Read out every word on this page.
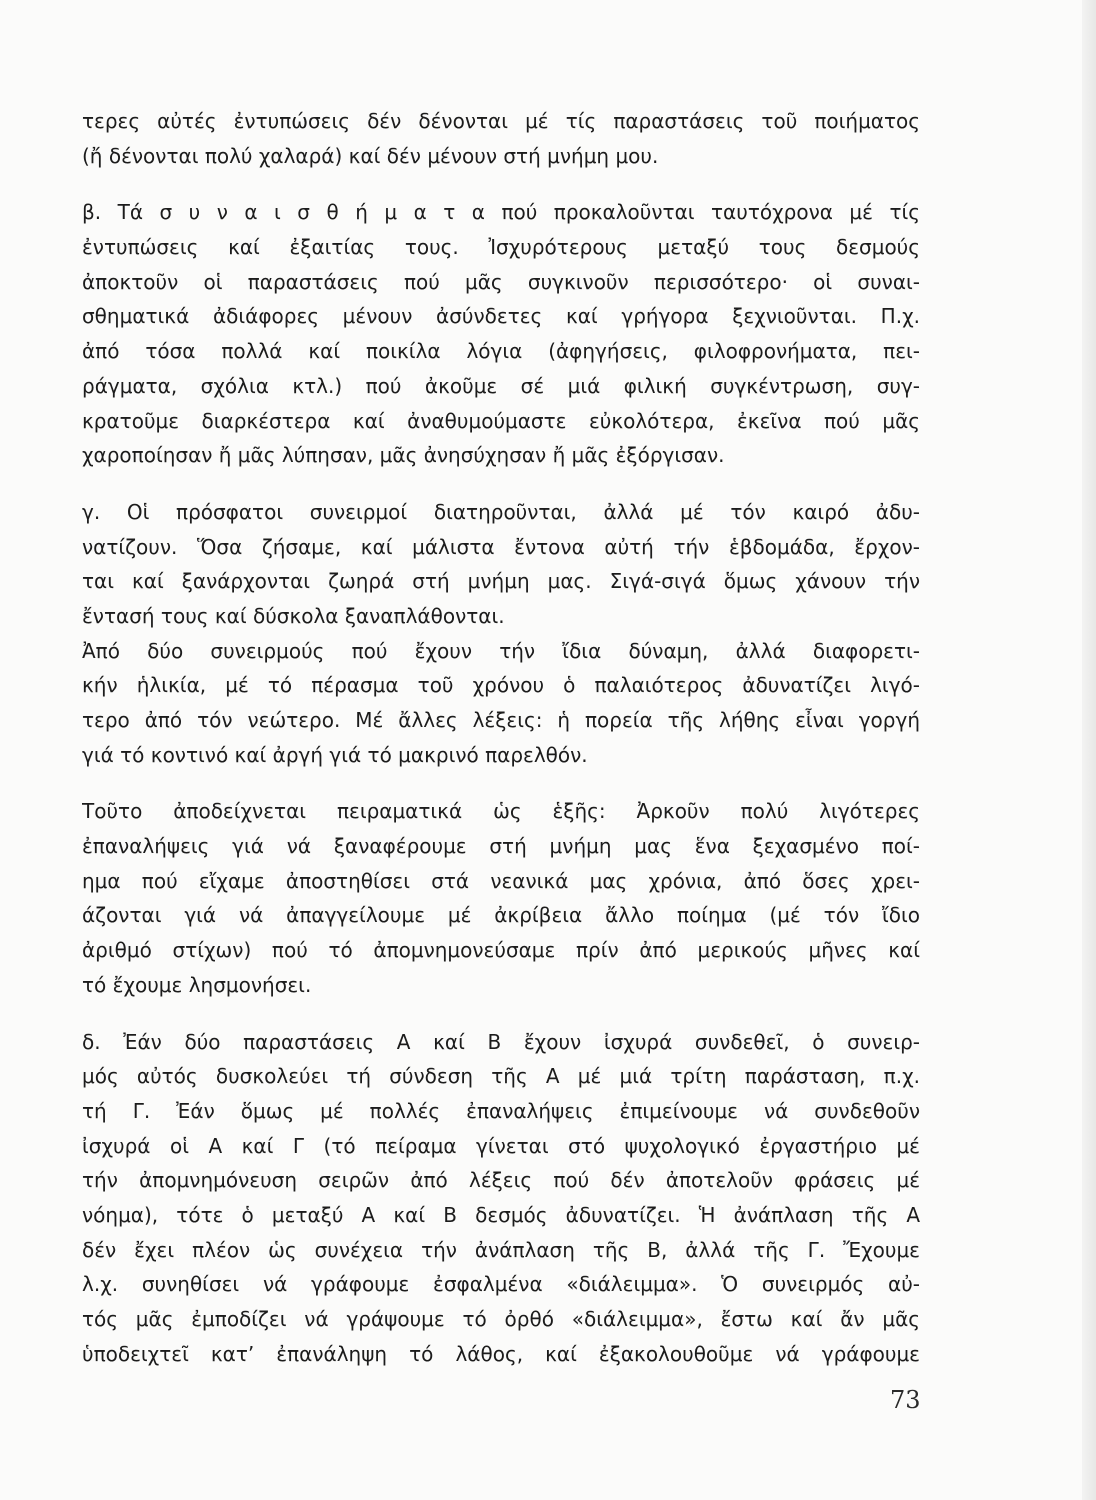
τερες αὐτές ἐντυπώσεις δέν δένονται μέ τίς παραστάσεις τοῦ ποιήματος
(ἤ δένονται πολύ χαλαρά) καί δέν μένουν στή μνήμη μου.
β. Τά σ υ ν α ι σ θ ή μ α τ α πού προκαλοῦνται ταυτόχρονα μέ τίς
ἐντυπώσεις καί ἐξαιτίας τους. Ἰσχυρότερους μεταξύ τους δεσμούς
ἀποκτοῦν οἱ παραστάσεις πού μᾶς συγκινοῦν περισσότερο· οἱ συναι-
σθηματικά ἀδιάφορες μένουν ἀσύνδετες καί γρήγορα ξεχνιοῦνται. Π.χ.
ἀπό τόσα πολλά καί ποικίλα λόγια (ἀφηγήσεις, φιλοφρονήματα, πει-
ράγματα, σχόλια κτλ.) πού ἀκοῦμε σέ μιά φιλική συγκέντρωση, συγ-
κρατοῦμε διαρκέστερα καί ἀναθυμούμαστε εὐκολότερα, ἐκεῖνα πού μᾶς
χαροποίησαν ἤ μᾶς λύπησαν, μᾶς ἀνησύχησαν ἤ μᾶς ἐξόργισαν.
γ. Οἱ πρόσφατοι συνειρμοί διατηροῦνται, ἀλλά μέ τόν καιρό ἀδυ-
νατίζουν. Ὅσα ζήσαμε, καί μάλιστα ἔντονα αὐτή τήν ἑβδομάδα, ἔρχον-
ται καί ξανάρχονται ζωηρά στή μνήμη μας. Σιγά-σιγά ὅμως χάνουν τήν
ἔντασή τους καί δύσκολα ξαναπλάθονται.
Ἀπό δύο συνειρμούς πού ἔχουν τήν ἴδια δύναμη, ἀλλά διαφορετι-
κήν ἡλικία, μέ τό πέρασμα τοῦ χρόνου ὁ παλαιότερος ἀδυνατίζει λιγό-
τερο ἀπό τόν νεώτερο. Μέ ἄλλες λέξεις: ἡ πορεία τῆς λήθης εἶναι γοργή
γιά τό κοντινό καί ἀργή γιά τό μακρινό παρελθόν.
Τοῦτο ἀποδείχνεται πειραματικά ὡς ἑξῆς: Ἀρκοῦν πολύ λιγότερες
ἐπαναλήψεις γιά νά ξαναφέρουμε στή μνήμη μας ἕνα ξεχασμένο ποί-
ημα πού εἴχαμε ἀποστηθίσει στά νεανικά μας χρόνια, ἀπό ὅσες χρει-
άζονται γιά νά ἀπαγγείλουμε μέ ἀκρίβεια ἄλλο ποίημα (μέ τόν ἴδιο
ἀριθμό στίχων) πού τό ἀπομνημονεύσαμε πρίν ἀπό μερικούς μῆνες καί
τό ἔχουμε λησμονήσει.
δ. Ἐάν δύο παραστάσεις Α καί Β ἔχουν ἰσχυρά συνδεθεῖ, ὁ συνειρ-
μός αὐτός δυσκολεύει τή σύνδεση τῆς Α μέ μιά τρίτη παράσταση, π.χ.
τή Γ. Ἐάν ὅμως μέ πολλές ἐπαναλήψεις ἐπιμείνουμε νά συνδεθοῦν
ἰσχυρά οἱ Α καί Γ (τό πείραμα γίνεται στό ψυχολογικό ἐργαστήριο μέ
τήν ἀπομνημόνευση σειρῶν ἀπό λέξεις πού δέν ἀποτελοῦν φράσεις μέ
νόημα), τότε ὁ μεταξύ Α καί Β δεσμός ἀδυνατίζει. Ἡ ἀνάπλαση τῆς Α
δέν ἔχει πλέον ὡς συνέχεια τήν ἀνάπλαση τῆς Β, ἀλλά τῆς Γ. Ἔχουμε
λ.χ. συνηθίσει νά γράφουμε ἐσφαλμένα «διάλειμμα». Ὁ συνειρμός αὐ-
τός μᾶς ἐμποδίζει νά γράψουμε τό ὀρθό «διάλειμμα», ἔστω καί ἄν μᾶς
ὑποδειχτεῖ κατ’ ἐπανάληψη τό λάθος, καί ἐξακολουθοῦμε νά γράφουμε
73
